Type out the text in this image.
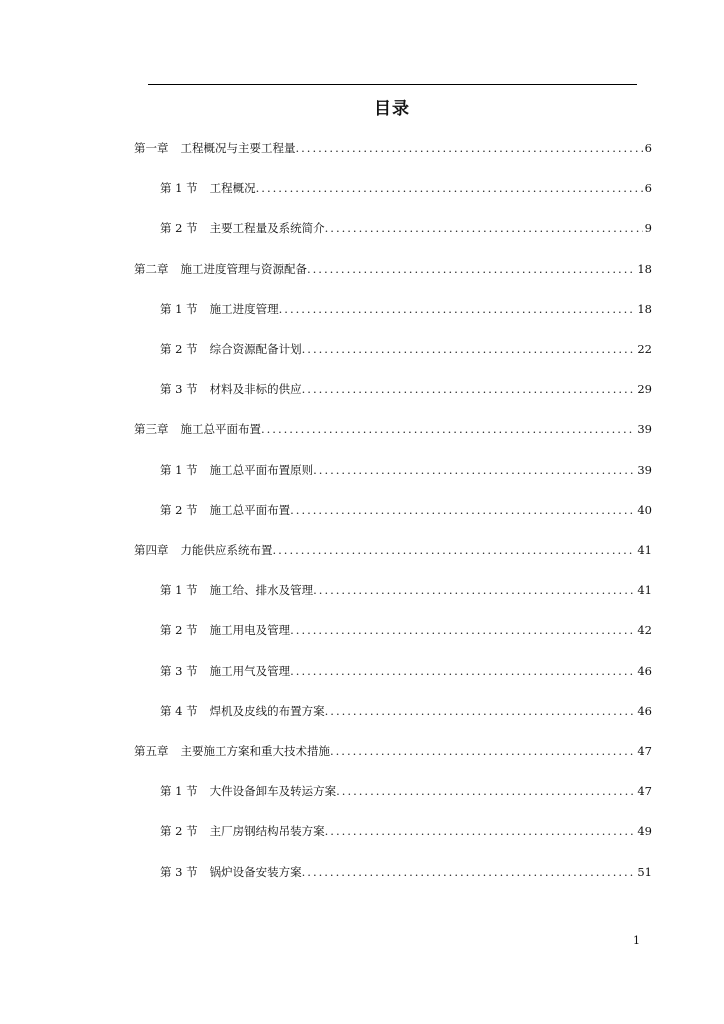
目录
第一章 工程概况与主要工程量 .....	6
第 1 节 工程概况 .....	6
第 2 节 主要工程量及系统简介 .....	9
第二章 施工进度管理与资源配备 .....	18
第 1 节 施工进度管理 .....	18
第 2 节 综合资源配备计划 .....	22
第 3 节 材料及非标的供应 .....	29
第三章 施工总平面布置 .....	39
第 1 节 施工总平面布置原则 .....	39
第 2 节 施工总平面布置 .....	40
第四章 力能供应系统布置 .....	41
第 1 节 施工给、排水及管理 .....	41
第 2 节 施工用电及管理 .....	42
第 3 节 施工用气及管理 .....	46
第 4 节 焊机及皮线的布置方案 .....	46
第五章 主要施工方案和重大技术措施 .....	47
第 1 节 大件设备卸车及转运方案 .....	47
第 2 节 主厂房钢结构吊装方案 .....	49
第 3 节 锅炉设备安装方案 .....	51
1
